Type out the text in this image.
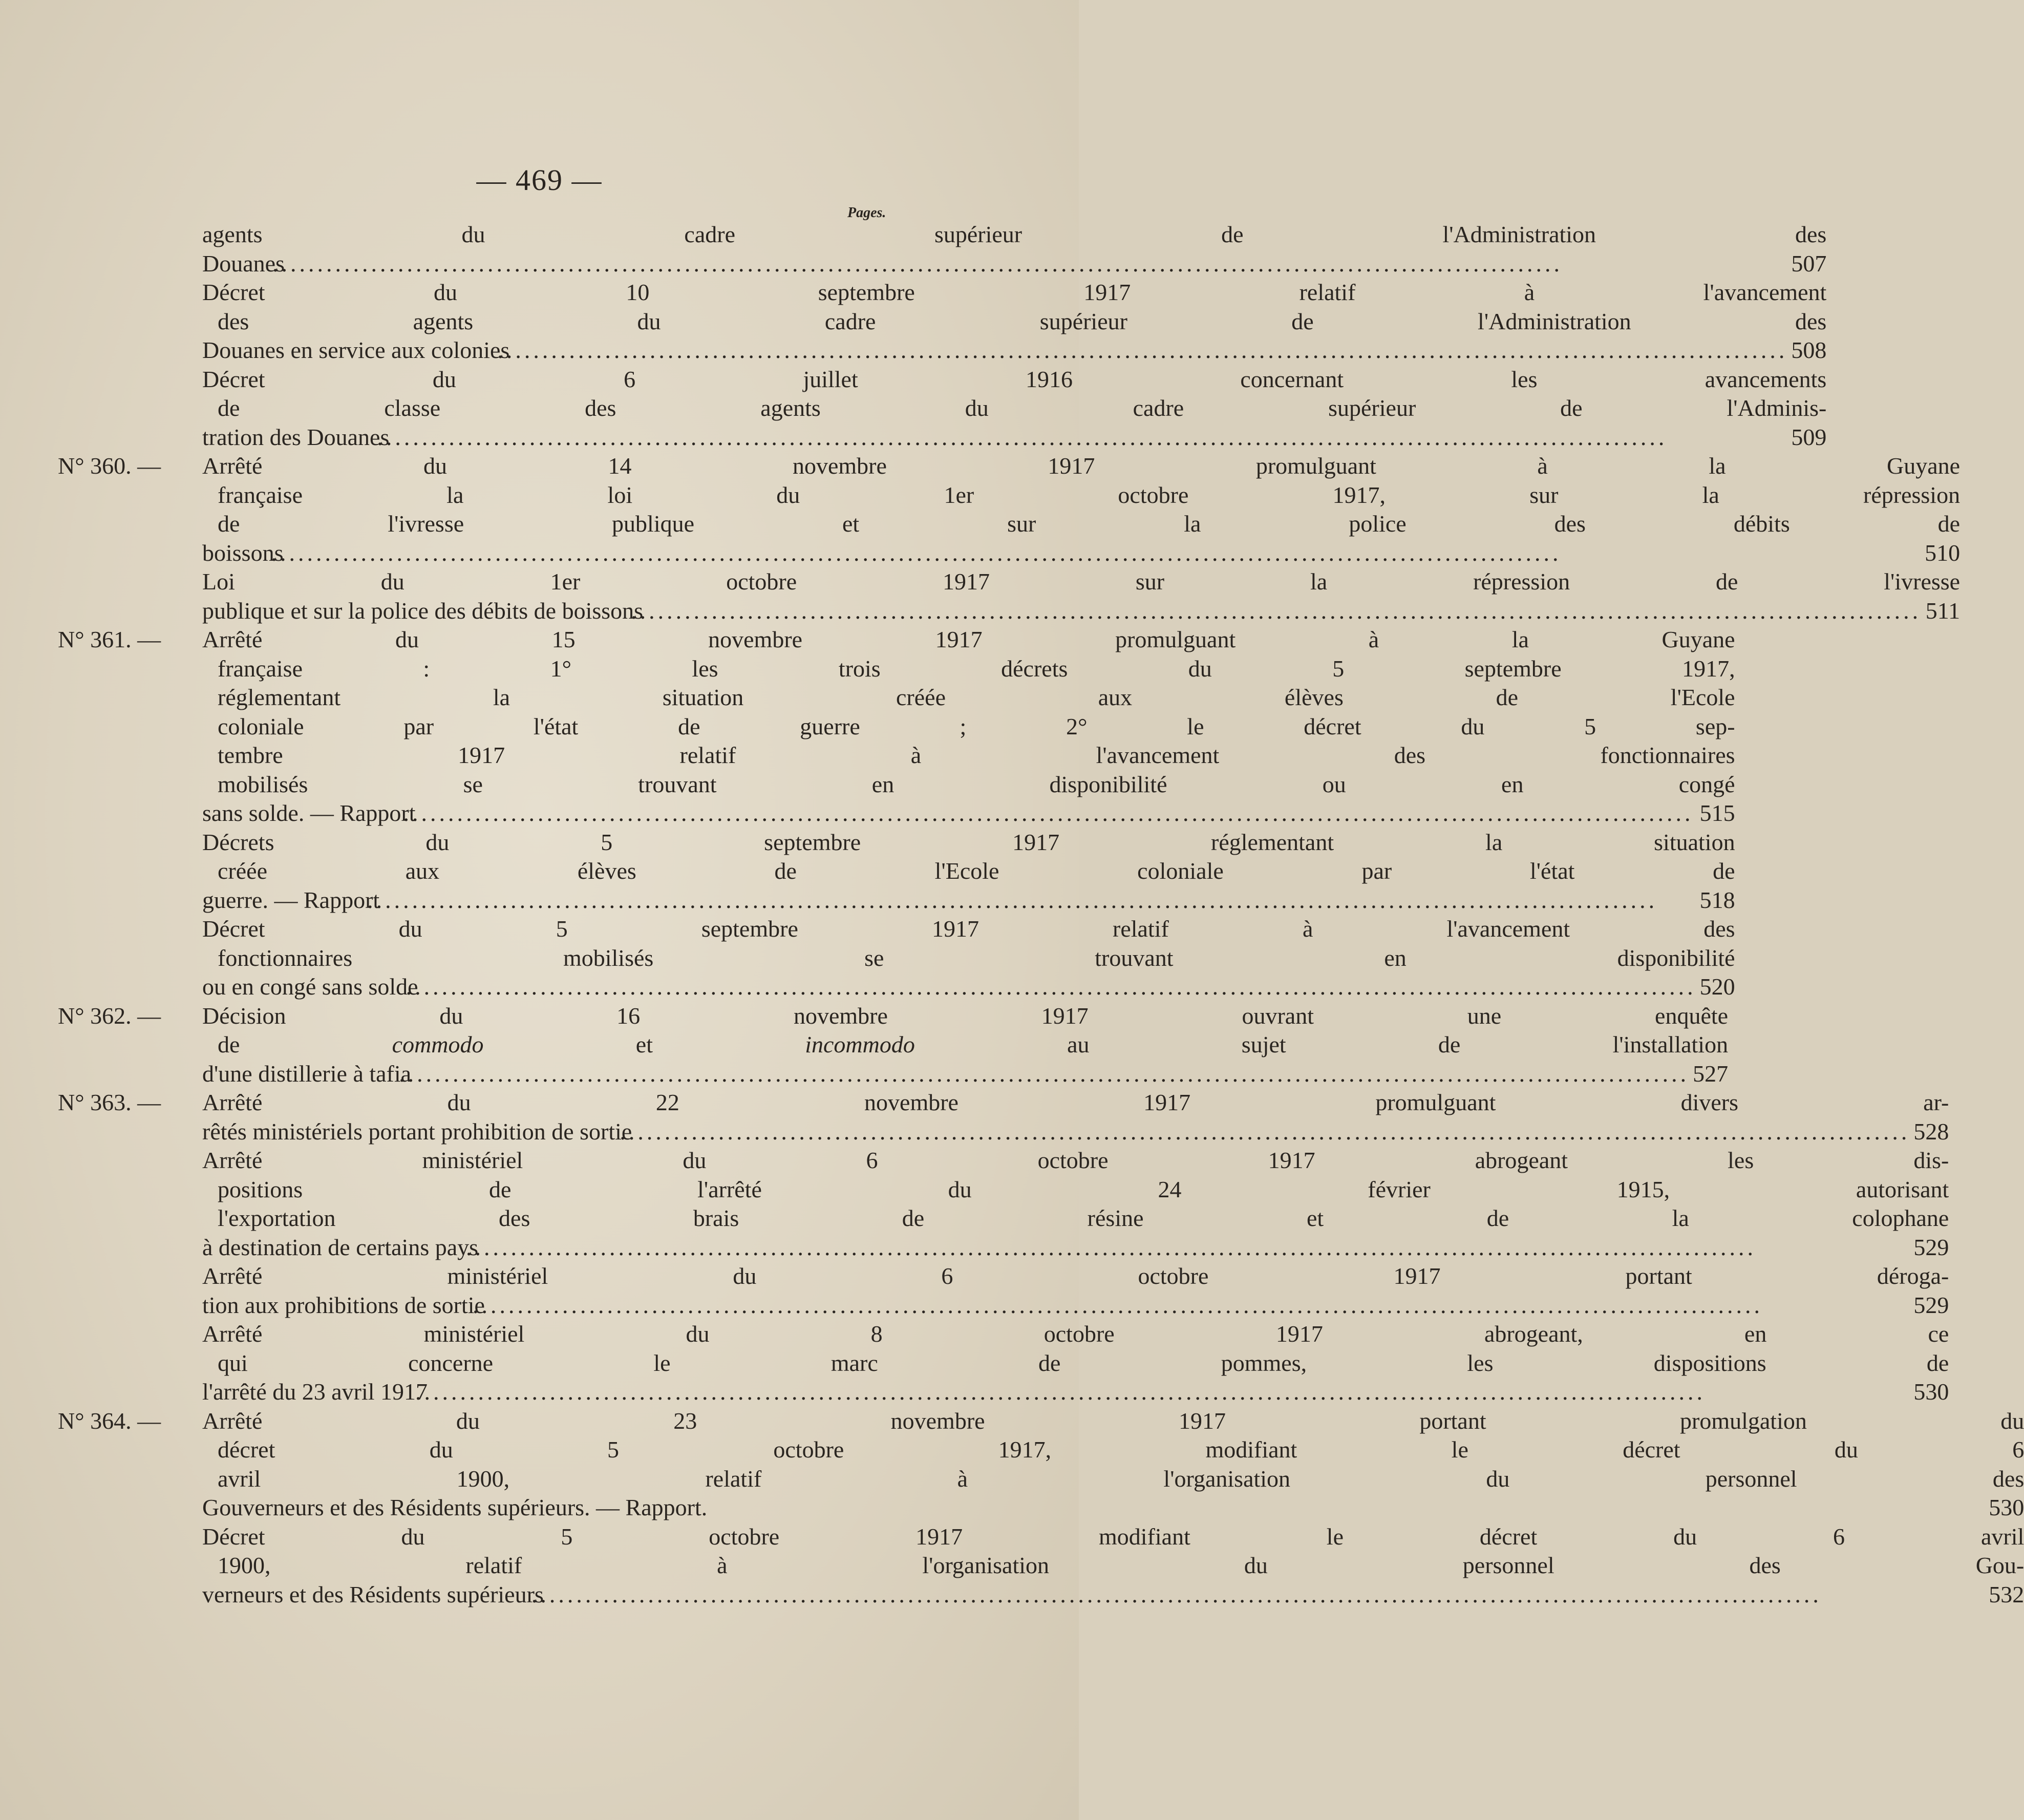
— 469 —
Pages.
agents du cadre supérieur de l'Administration des
Douanes .....	507
Décret du 10 septembre 1917 relatif à l'avancement
des agents du cadre supérieur de l'Administration des
Douanes en service aux colonies .....	508
Décret du 6 juillet 1916 concernant les avancements
de classe des agents du cadre supérieur de l'Adminis-
tration des Douanes .....	509
N° 360. —	Arrêté du 14 novembre 1917 promulguant à la Guyane
française la loi du 1er octobre 1917, sur la répression
de l'ivresse publique et sur la police des débits de
boissons .....	510
Loi du 1er octobre 1917 sur la répression de l'ivresse
publique et sur la police des débits de boissons .....	511
N° 361. —	Arrêté du 15 novembre 1917 promulguant à la Guyane
française : 1° les trois décrets du 5 septembre 1917,
réglementant la situation créée aux élèves de l'Ecole
coloniale par l'état de guerre ; 2° le décret du 5 sep-
tembre 1917 relatif à l'avancement des fonctionnaires
mobilisés se trouvant en disponibilité ou en congé
sans solde. — Rapport .....	515
Décrets du 5 septembre 1917 réglementant la situation
créée aux élèves de l'Ecole coloniale par l'état de
guerre. — Rapport .....	518
Décret du 5 septembre 1917 relatif à l'avancement des
fonctionnaires mobilisés se trouvant en disponibilité
ou en congé sans solde .....	520
N° 362. —	Décision du 16 novembre 1917 ouvrant une enquête
de commodo et incommodo au sujet de l'installation
d'une distillerie à tafia .....	527
N° 363. —	Arrêté du 22 novembre 1917 promulguant divers ar-
rêtés ministériels portant prohibition de sortie .....	528
Arrêté ministériel du 6 octobre 1917 abrogeant les dis-
positions de l'arrêté du 24 février 1915, autorisant
l'exportation des brais de résine et de la colophane
à destination de certains pays .....	529
Arrêté ministériel du 6 octobre 1917 portant déroga-
tion aux prohibitions de sortie .....	529
Arrêté ministériel du 8 octobre 1917 abrogeant, en ce
qui concerne le marc de pommes, les dispositions de
l'arrêté du 23 avril 1917 .....	530
N° 364. —	Arrêté du 23 novembre 1917 portant promulgation du
décret du 5 octobre 1917, modifiant le décret du 6
avril 1900, relatif à l'organisation du personnel des
Gouverneurs et des Résidents supérieurs. — Rapport.	530
Décret du 5 octobre 1917 modifiant le décret du 6 avril
1900, relatif à l'organisation du personnel des Gou-
verneurs et des Résidents supérieurs .....	532
